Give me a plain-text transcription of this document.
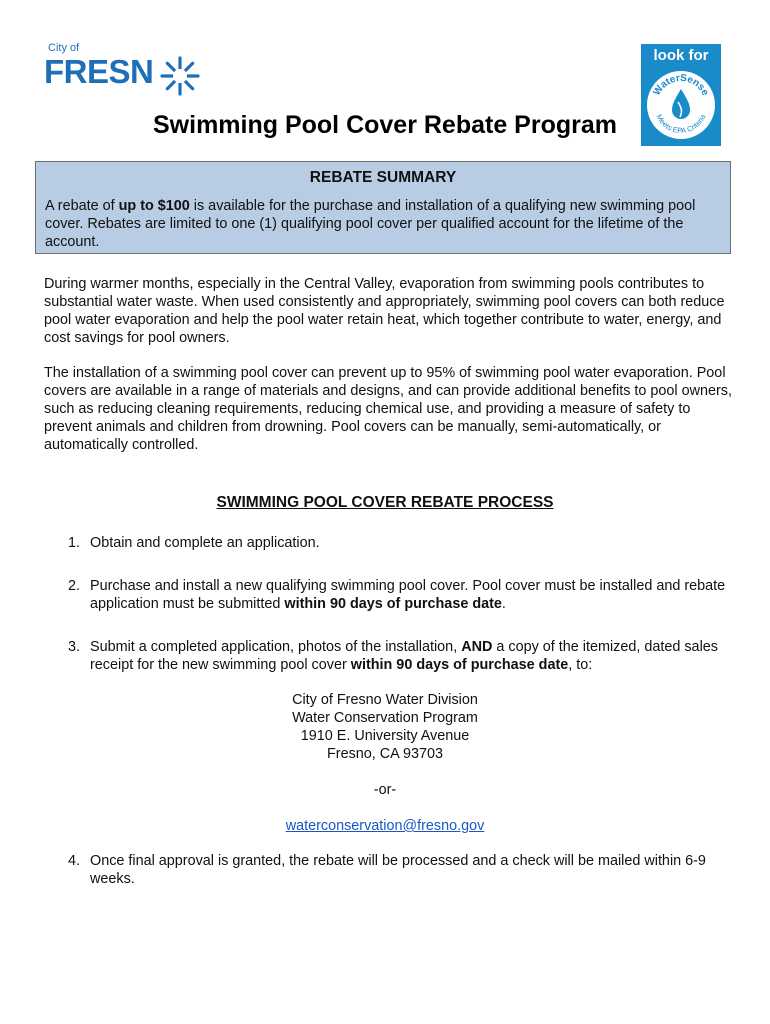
City of
FRESN	look for
WaterSense
Meets EPA Criteria
Swimming Pool Cover Rebate Program
REBATE SUMMARY
A rebate of up to $100 is available for the purchase and installation of a qualifying new swimming pool cover. Rebates are limited to one (1) qualifying pool cover per qualified account for the lifetime of the account.
During warmer months, especially in the Central Valley, evaporation from swimming pools contributes to substantial water waste. When used consistently and appropriately, swimming pool covers can both reduce pool water evaporation and help the pool water retain heat, which together contribute to water, energy, and cost savings for pool owners.
The installation of a swimming pool cover can prevent up to 95% of swimming pool water evaporation. Pool covers are available in a range of materials and designs, and can provide additional benefits to pool owners, such as reducing cleaning requirements, reducing chemical use, and providing a measure of safety to prevent animals and children from drowning. Pool covers can be manually, semi-automatically, or automatically controlled.
SWIMMING POOL COVER REBATE PROCESS
1. Obtain and complete an application.
2. Purchase and install a new qualifying swimming pool cover. Pool cover must be installed and rebate application must be submitted within 90 days of purchase date.
3. Submit a completed application, photos of the installation, AND a copy of the itemized, dated sales receipt for the new swimming pool cover within 90 days of purchase date, to:
City of Fresno Water Division
Water Conservation Program
1910 E. University Avenue
Fresno, CA 93703
-or-
waterconservation@fresno.gov
4. Once final approval is granted, the rebate will be processed and a check will be mailed within 6-9 weeks.
